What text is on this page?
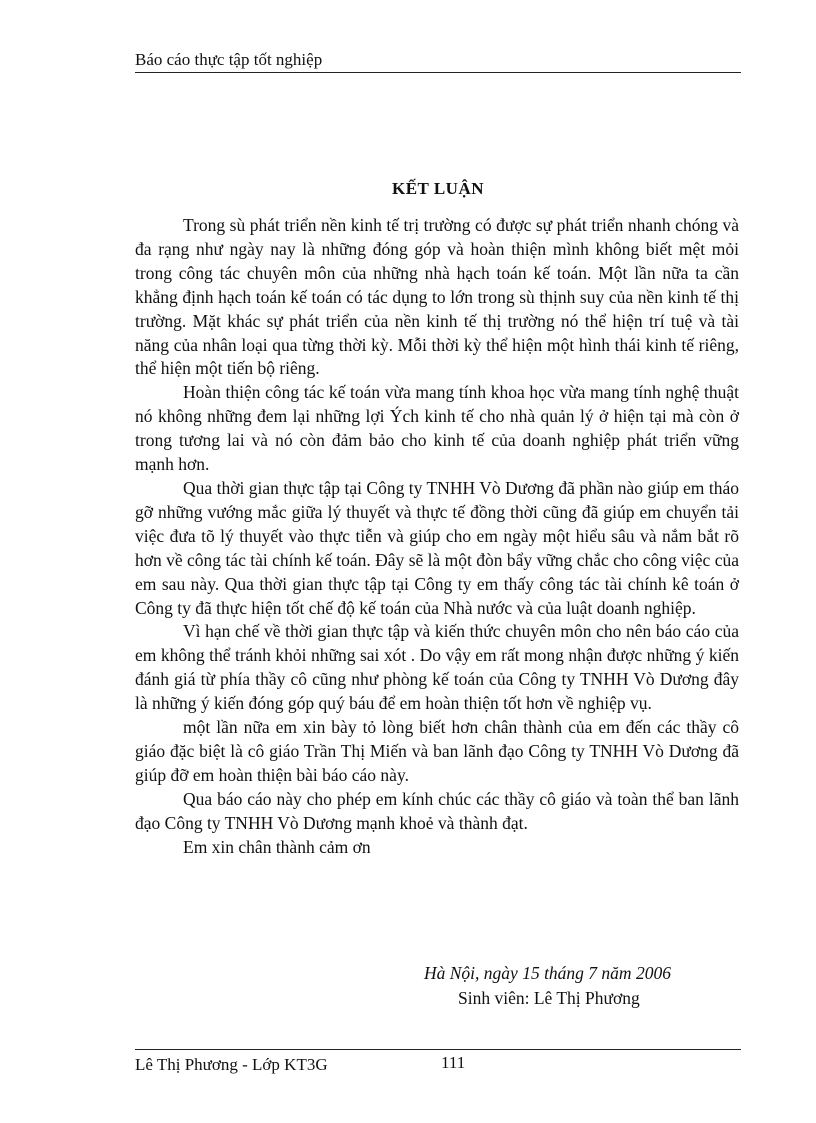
Báo cáo thực tập tốt nghiệp
KẾT LUẬN

Trong sù phát triển nền kinh tế trị trường có được sự phát triển nhanh chóng và đa rạng như ngày nay là những đóng góp và hoàn thiện mình không biết mệt mỏi trong công tác chuyên môn của những nhà hạch toán kế toán. Một lần nữa ta cần khẳng định hạch toán kế toán có tác dụng to lớn trong sù thịnh suy của nền kinh tế thị trường. Mặt khác sự phát triển của nền kinh tế thị trường nó thể hiện trí tuệ và tài năng của nhân loại qua từng thời kỳ. Mỗi thời kỳ thể hiện một hình thái kinh tế riêng, thể hiện một tiến bộ riêng.

Hoàn thiện công tác kế toán vừa mang tính khoa học vừa mang tính nghệ thuật nó không những đem lại những lợi Ých kinh tế cho nhà quản lý ở hiện tại mà còn ở trong tương lai và nó còn đảm bảo cho kinh tế của doanh nghiệp phát triển vững mạnh hơn.

Qua thời gian thực tập tại Công ty TNHH Vò Dương đã phần nào giúp em tháo gỡ những vướng mắc giữa lý thuyết và thực tế đồng thời cũng đã giúp em chuyển tải việc đưa tõ lý thuyết vào thực tiễn và giúp cho em ngày một hiểu sâu và nắm bắt rõ hơn về công tác tài chính kế toán. Đây sẽ là một đòn bẩy vững chắc cho công việc của em sau này. Qua thời gian thực tập tại Công ty em thấy công tác tài chính kê toán ở Công ty đã thực hiện tốt chế độ kế toán của Nhà nước và của luật doanh nghiệp.

Vì hạn chế về thời gian thực tập và kiến thức chuyên môn cho nên báo cáo của em không thể tránh khỏi những sai xót . Do vậy em rất mong nhận được những ý kiến đánh giá từ phía thầy cô cũng như phòng kế toán của Công ty TNHH Vò Dương đây là những ý kiến đóng góp quý báu để em hoàn thiện tốt hơn về nghiệp vụ.

một lần nữa em xin bày tỏ lòng biết hơn chân thành của em đến các thầy cô giáo đặc biệt là cô giáo Trần Thị Miến và ban lãnh đạo Công ty TNHH Vò Dương đã giúp đỡ em hoàn thiện bài báo cáo này.

Qua báo cáo này cho phép em kính chúc các thầy cô giáo và toàn thể ban lãnh đạo Công ty TNHH Vò Dương mạnh khoẻ và thành đạt.

Em xin chân thành cảm ơn

Hà Nội, ngày 15 tháng 7 năm 2006
Sinh viên: Lê Thị Phương
Lê Thị Phương - Lớp KT3G	111
